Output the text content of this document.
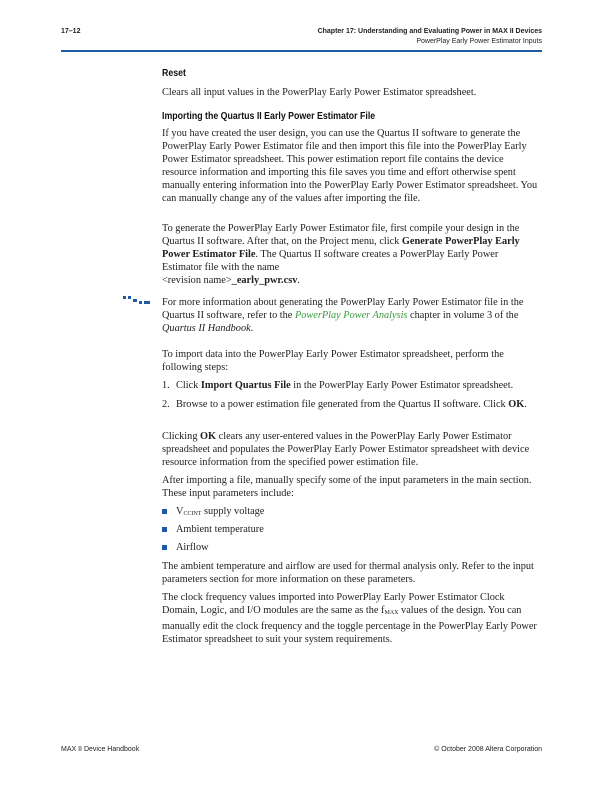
17–12	Chapter 17: Understanding and Evaluating Power in MAX II Devices
PowerPlay Early Power Estimator Inputs
Reset
Clears all input values in the PowerPlay Early Power Estimator spreadsheet.
Importing the Quartus II Early Power Estimator File
If you have created the user design, you can use the Quartus II software to generate the PowerPlay Early Power Estimator file and then import this file into the PowerPlay Early Power Estimator spreadsheet. This power estimation report file contains the device resource information and importing this file saves you time and effort otherwise spent manually entering information into the PowerPlay Early Power Estimator spreadsheet. You can manually change any of the values after importing the file.
To generate the PowerPlay Early Power Estimator file, first compile your design in the Quartus II software. After that, on the Project menu, click Generate PowerPlay Early Power Estimator File. The Quartus II software creates a PowerPlay Early Power Estimator file with the name
<revision name>_early_pwr.csv.
For more information about generating the PowerPlay Early Power Estimator file in the Quartus II software, refer to the PowerPlay Power Analysis chapter in volume 3 of the Quartus II Handbook.
To import data into the PowerPlay Early Power Estimator spreadsheet, perform the following steps:
1. Click Import Quartus File in the PowerPlay Early Power Estimator spreadsheet.
2. Browse to a power estimation file generated from the Quartus II software. Click OK.
Clicking OK clears any user-entered values in the PowerPlay Early Power Estimator spreadsheet and populates the PowerPlay Early Power Estimator spreadsheet with device resource information from the specified power estimation file.
After importing a file, manually specify some of the input parameters in the main section. These input parameters include:
$V_{CCINT}$ supply voltage
Ambient temperature
Airflow
The ambient temperature and airflow are used for thermal analysis only. Refer to the input parameters section for more information on these parameters.
The clock frequency values imported into PowerPlay Early Power Estimator Clock Domain, Logic, and I/O modules are the same as the $f_{MAX}$ values of the design. You can manually edit the clock frequency and the toggle percentage in the PowerPlay Early Power Estimator spreadsheet to suit your system requirements.
MAX II Device Handbook	© October 2008 Altera Corporation
